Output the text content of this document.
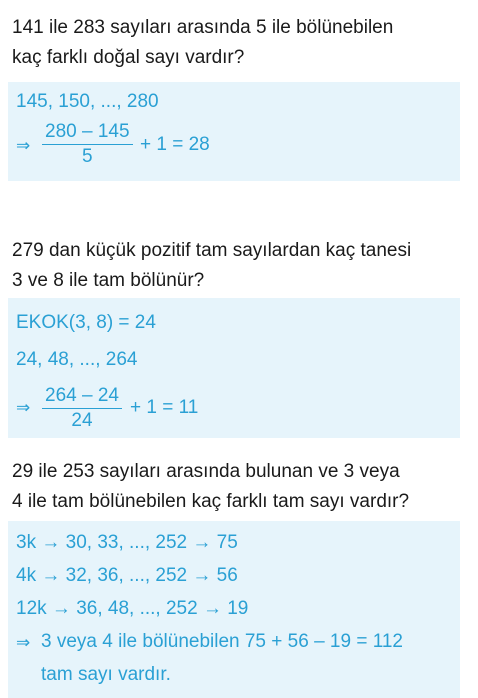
141 ile 283 sayıları arasında 5 ile bölünebilen
kaç farklı doğal sayı vardır?
145, 150, ..., 280
⇒ $\frac{280 - 145}{5} + 1 = 28$
279 dan küçük pozitif tam sayılardan kaç tanesi
3 ve 8 ile tam bölünür?
EKOK(3, 8) = 24
24, 48, ..., 264
⇒ $\frac{264 - 24}{24} + 1 = 11$
29 ile 253 sayıları arasında bulunan ve 3 veya
4 ile tam bölünebilen kaç farklı tam sayı vardır?
3k → 30, 33, ..., 252 → 75
4k → 32, 36, ..., 252 → 56
12k → 36, 48, ..., 252 → 19
⇒ 3 veya 4 ile bölünebilen 75 + 56 – 19 = 112
tam sayı vardır.
